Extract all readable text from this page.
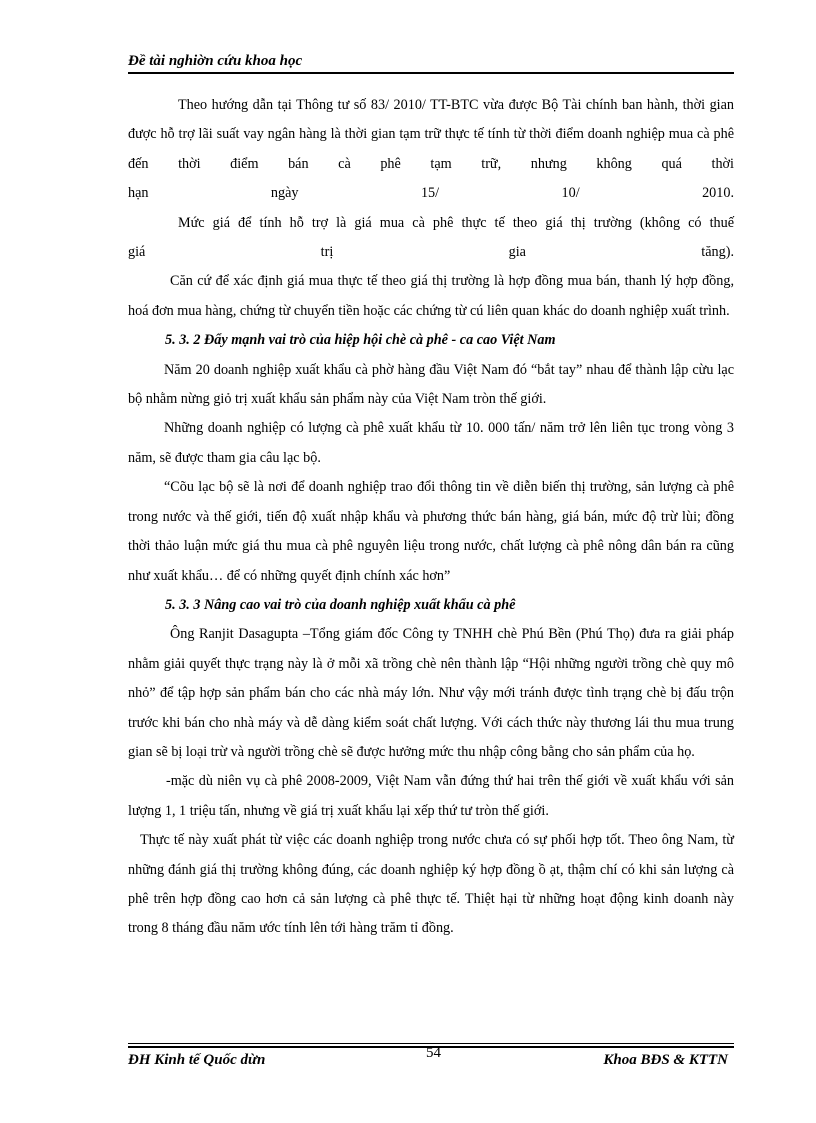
Đề tài nghiờn cứu khoa học

Theo hướng dẫn tại Thông tư số 83/ 2010/ TT-BTC vừa được Bộ Tài chính ban hành, thời gian được hỗ trợ lãi suất vay ngân hàng là thời gian tạm trữ thực tế tính từ thời điểm doanh nghiệp mua cà phê đến thời điểm bán cà phê tạm trữ, nhưng không quá thời

hạn ngày 15/ 10/ 2010.

Mức giá để tính hỗ trợ là giá mua cà phê thực tế theo giá thị trường (không có thuế

giá trị gia tăng).

Căn cứ để xác định giá mua thực tế theo giá thị trường là hợp đồng mua bán, thanh lý hợp đồng, hoá đơn mua hàng, chứng từ chuyển tiền hoặc các chứng từ cú liên quan khác do doanh nghiệp xuất trình.

5. 3. 2 Đẩy mạnh vai trò của hiệp hội chè cà phê - ca cao Việt Nam

Năm 20 doanh nghiệp xuất khẩu cà phờ hàng đầu Việt Nam đó “bắt tay” nhau để thành lập cừu lạc bộ nhằm nừng giỏ trị xuất khẩu sản phẩm này của Việt Nam tròn thế giới.

Những doanh nghiệp có lượng cà phê xuất khẩu từ 10. 000 tấn/ năm trở lên liên tục trong vòng 3 năm, sẽ được tham gia câu lạc bộ.

“Cõu lạc bộ sẽ là nơi để doanh nghiệp trao đổi thông tin về diễn biến thị trường, sản lượng cà phê trong nước và thế giới, tiến độ xuất nhập khẩu và phương thức bán hàng, giá bán, mức độ trừ lùi; đồng thời thảo luận mức giá thu mua cà phê nguyên liệu trong nước, chất lượng cà phê nông dân bán ra cũng như xuất khẩu… để có những quyết định chính xác hơn”

5. 3. 3 Nâng cao vai trò của doanh nghiệp xuất khẩu cà phê

Ông Ranjit Dasagupta –Tổng giám đốc Công ty TNHH chè Phú Bền (Phú Thọ) đưa ra giải pháp nhằm giải quyết thực trạng này là ở mỗi xã trồng chè nên thành lập “Hội những người trồng chè quy mô nhỏ” để tập hợp sản phẩm bán cho các nhà máy lớn. Như vậy mới tránh được tình trạng chè bị đấu trộn trước khi bán cho nhà máy và dễ dàng kiểm soát chất lượng. Với cách thức này thương lái thu mua trung gian sẽ bị loại trừ và người trồng chè sẽ được hưởng mức thu nhập công bằng cho sản phẩm của họ.

-mặc dù niên vụ cà phê 2008-2009, Việt Nam vẫn đứng thứ hai trên thế giới về xuất khẩu với sản lượng 1, 1 triệu tấn, nhưng về giá trị xuất khẩu lại xếp thứ tư tròn thế giới.

Thực tế này xuất phát từ việc các doanh nghiệp trong nước chưa có sự phối hợp tốt. Theo ông Nam, từ những đánh giá thị trường không đúng, các doanh nghiệp ký hợp đồng ồ ạt, thậm chí có khi sản lượng cà phê trên hợp đồng cao hơn cả sản lượng cà phê thực tế. Thiệt hại từ những hoạt động kinh doanh này trong 8 tháng đầu năm ước tính lên tới hàng trăm tỉ đồng.

ĐH Kinh tế Quốc dừn	54	Khoa BĐS & KTTN
